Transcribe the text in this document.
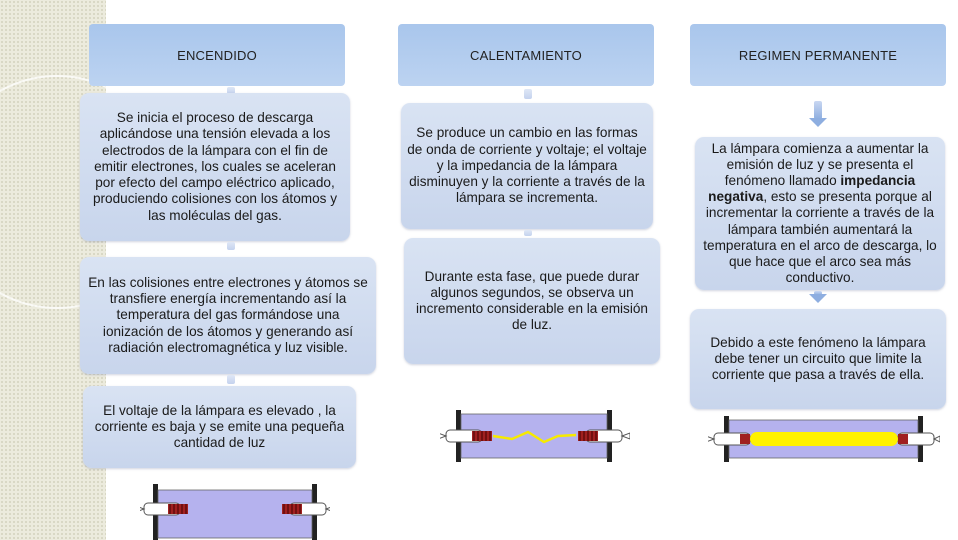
ENCENDIDO
Se inicia el proceso de descarga aplicándose una tensión elevada a los electrodos de la lámpara con el fin de emitir electrones, los cuales se aceleran por efecto del campo eléctrico aplicado, produciendo colisiones con los átomos y las moléculas del gas.
En las colisiones entre electrones y átomos se transfiere energía incrementando así la temperatura del gas formándose una ionización de los átomos y generando así radiación electromagnética y luz visible.
El voltaje de la lámpara es elevado , la corriente es baja y se emite una pequeña cantidad de luz
CALENTAMIENTO
Se produce un cambio en las formas de onda de corriente y voltaje; el voltaje y la impedancia de la lámpara disminuyen y la corriente a través de la lámpara se incrementa.
Durante esta fase, que puede durar algunos segundos, se observa un incremento considerable en la emisión de luz.
REGIMEN PERMANENTE
La lámpara comienza a aumentar la emisión de luz y se presenta el fenómeno llamado impedancia negativa, esto se presenta porque al incrementar la corriente a través de la lámpara también aumentará la temperatura en el arco de descarga, lo que hace que el arco sea más conductivo.
Debido a este fenómeno la lámpara debe tener un circuito que limite la corriente que pasa a través de ella.
